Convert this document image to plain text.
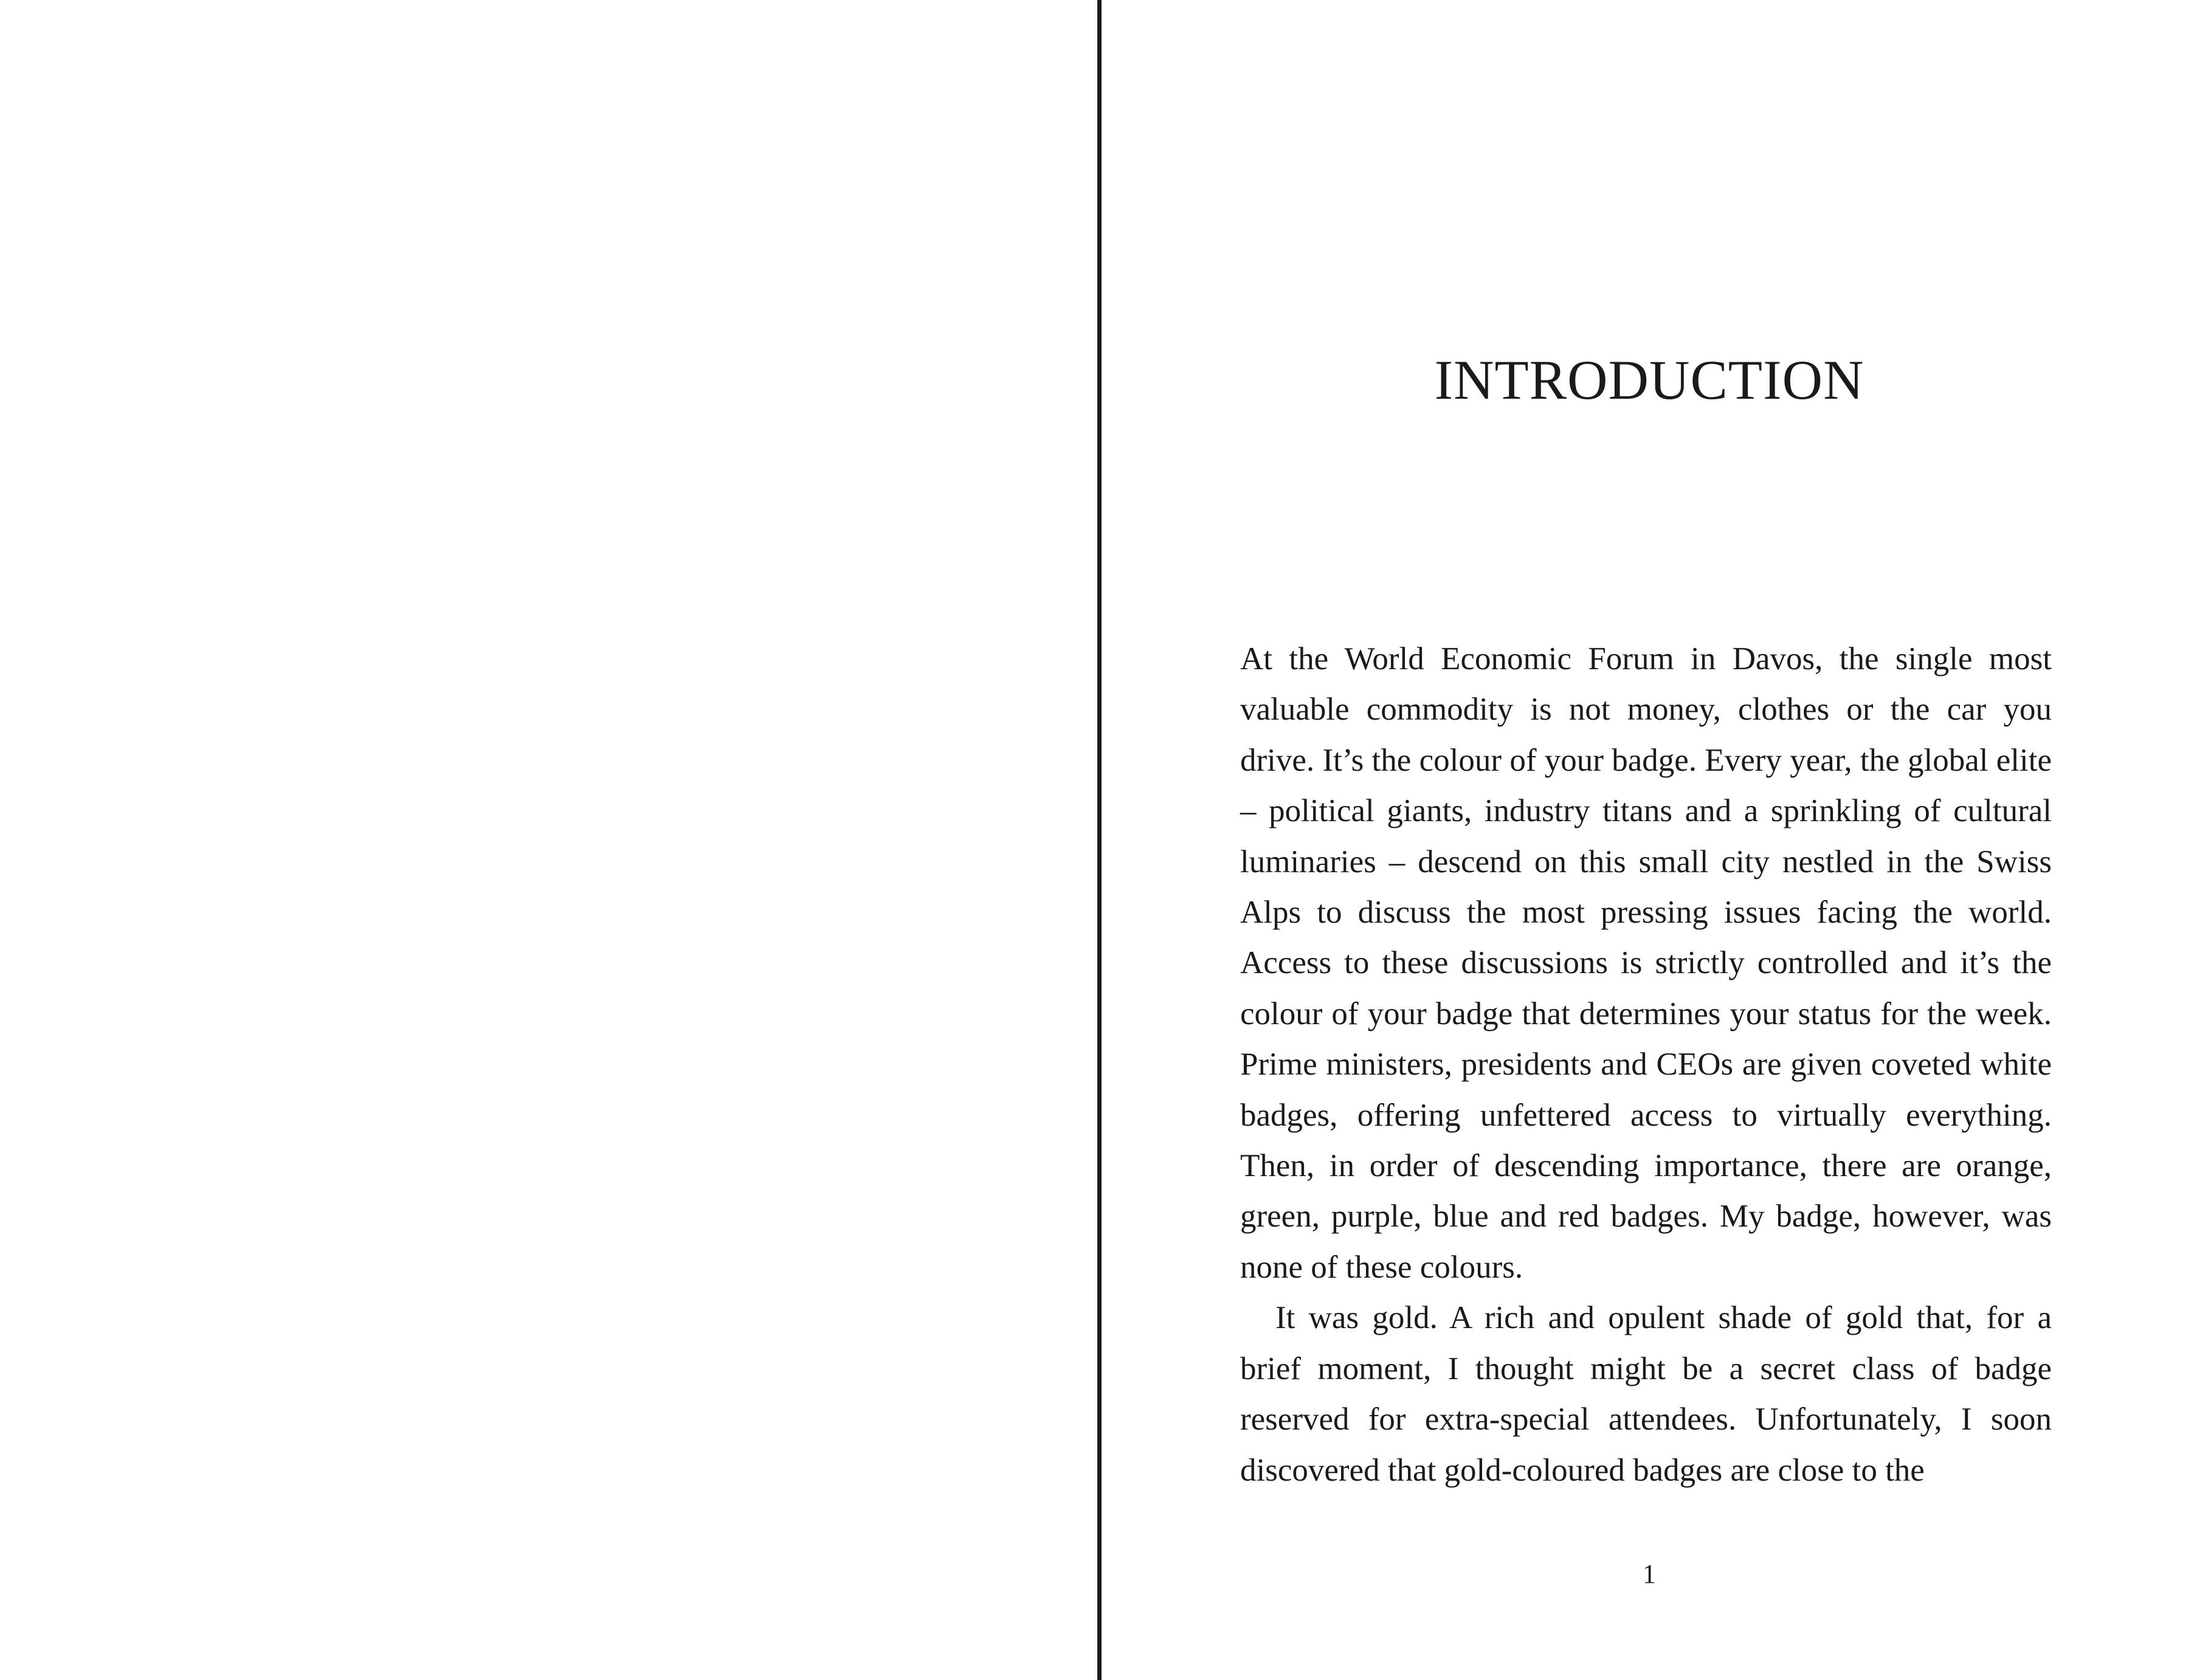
INTRODUCTION

At the World Economic Forum in Davos, the single most valuable commodity is not money, clothes or the car you drive. It’s the colour of your badge. Every year, the global elite – political giants, industry titans and a sprinkling of cultural luminaries – descend on this small city nestled in the Swiss Alps to discuss the most pressing issues facing the world. Access to these discussions is strictly controlled and it’s the colour of your badge that determines your status for the week. Prime ministers, presidents and CEOs are given coveted white badges, offering unfettered access to virtually everything. Then, in order of descending importance, there are orange, green, purple, blue and red badges. My badge, however, was none of these colours.

It was gold. A rich and opulent shade of gold that, for a brief moment, I thought might be a secret class of badge reserved for extra-special attendees. Unfortunately, I soon discovered that gold-coloured badges are close to the

1
